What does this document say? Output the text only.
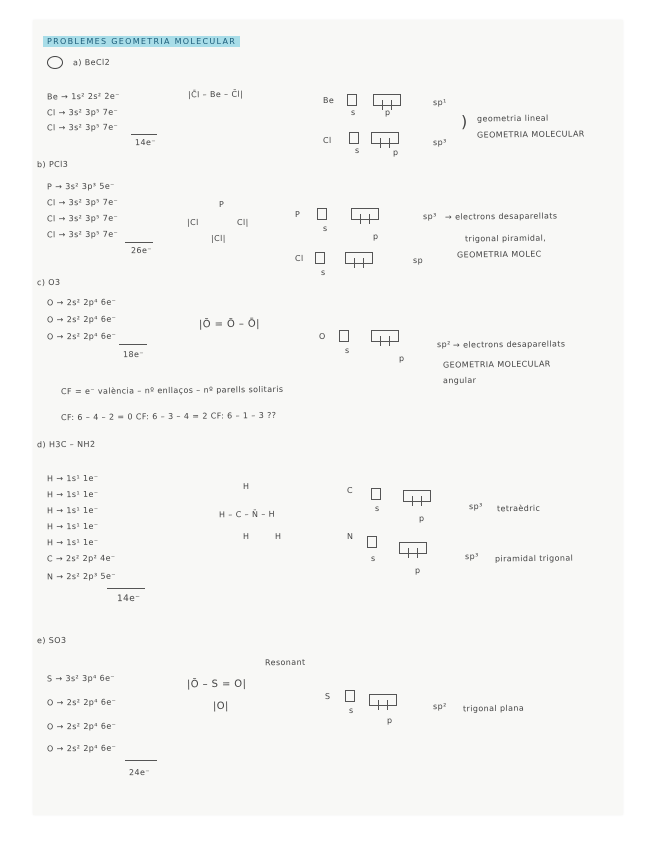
PROBLEMES GEOMETRIA MOLECULAR
a) BeCl2
Be → 1s² 2s² 2e⁻
Cl → 3s² 3p⁵ 7e⁻
Cl → 3s² 3p⁵ 7e⁻
14e⁻
|C̄l – Be – C̄l|
Be
s	p
sp¹
Cl
s	p
sp³
) geometria lineal
GEOMETRIA MOLECULAR
b) PCl3
P → 3s² 3p³ 5e⁻
Cl → 3s² 3p⁵ 7e⁻
Cl → 3s² 3p⁵ 7e⁻
Cl → 3s² 3p⁵ 7e⁻
26e⁻
P
|Cl	Cl|
|Cl|
P
s
p
sp³
Cl
s
sp
→ electrons desaparellats
trigonal piramidal,
GEOMETRIA MOLEC
c) O3
O → 2s² 2p⁴ 6e⁻
O → 2s² 2p⁴ 6e⁻
O → 2s² 2p⁴ 6e⁻
18e⁻
|Ō = Ō – Ō|
O
s
p
sp² → electrons desaparellats
GEOMETRIA MOLECULAR
angular
CF = e⁻ valència – nº enllaços – nº parells solitaris
CF: 6 – 4 – 2 = 0 CF: 6 – 3 – 4 = 2 CF: 6 – 1 – 3 ??
d) H3C – NH2
H → 1s¹ 1e⁻
H → 1s¹ 1e⁻
H → 1s¹ 1e⁻
H → 1s¹ 1e⁻
H → 1s¹ 1e⁻
C → 2s² 2p² 4e⁻
N → 2s² 2p³ 5e⁻
14e⁻
H
H – C – N̄ – H
H	H
C
s
p
sp³ tetraèdric
N
s
p
sp³ piramidal trigonal
e) SO3
S → 3s² 3p⁴ 6e⁻
O → 2s² 2p⁴ 6e⁻
O → 2s² 2p⁴ 6e⁻
O → 2s² 2p⁴ 6e⁻
24e⁻
Resonant
|Ō – S = O|
|O|
S
s
p
sp² trigonal plana
